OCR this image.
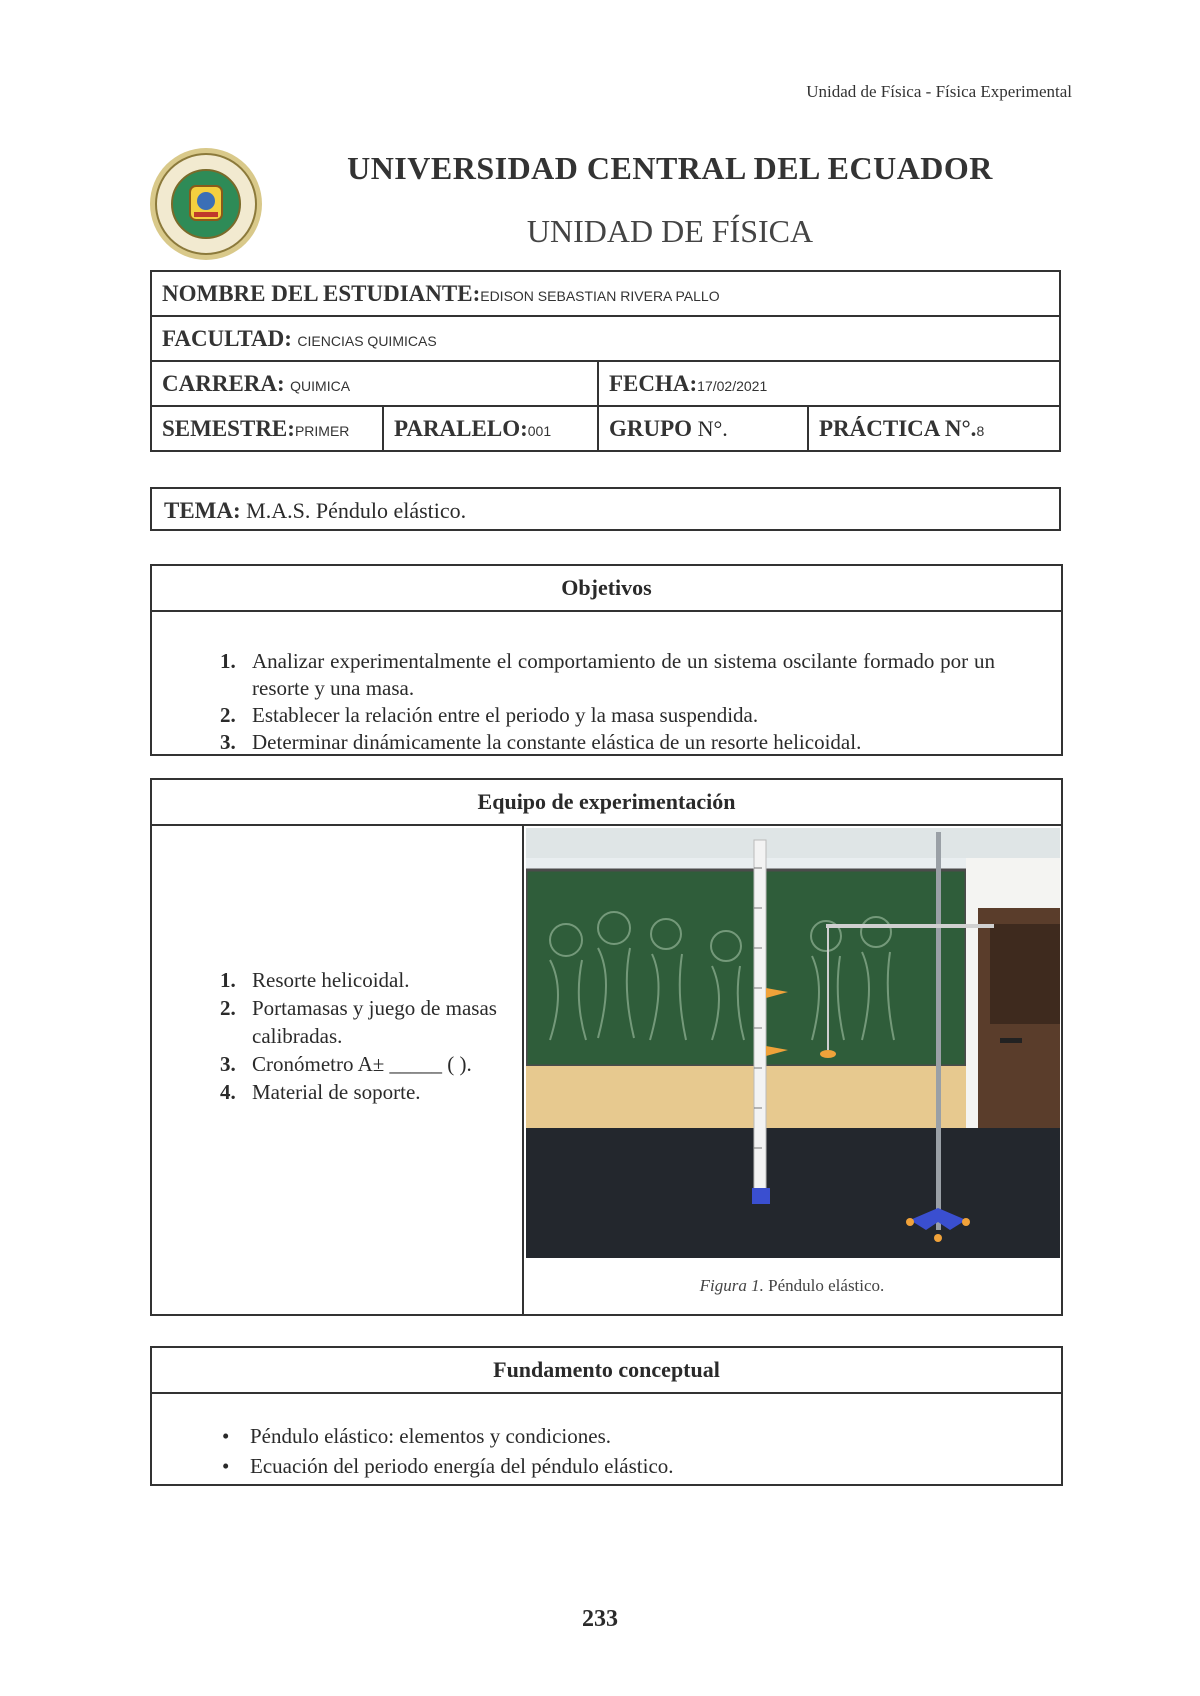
Unidad de Física - Física Experimental
UNIVERSIDAD CENTRAL DEL ECUADOR
UNIDAD DE FÍSICA
NOMBRE DEL ESTUDIANTE:EDISON SEBASTIAN RIVERA PALLO			
FACULTAD: CIENCIAS QUIMICAS			
CARRERA: QUIMICA		FECHA:17/02/2021	
SEMESTRE:PRIMER	PARALELO:001	GRUPO N°.	PRÁCTICA N°.8
TEMA: M.A.S. Péndulo elástico.
Objetivos
1. Analizar experimentalmente el comportamiento de un sistema oscilante formado por un resorte y una masa.
2. Establecer la relación entre el periodo y la masa suspendida.
3. Determinar dinámicamente la constante elástica de un resorte helicoidal.
Equipo de experimentación
1. Resorte helicoidal.
2. Portamasas y juego de masas calibradas.
3. Cronómetro A± _____ ( ).
4. Material de soporte.
Figura 1. Péndulo elástico.
Fundamento conceptual
• Péndulo elástico: elementos y condiciones.
• Ecuación del periodo energía del péndulo elástico.
233
